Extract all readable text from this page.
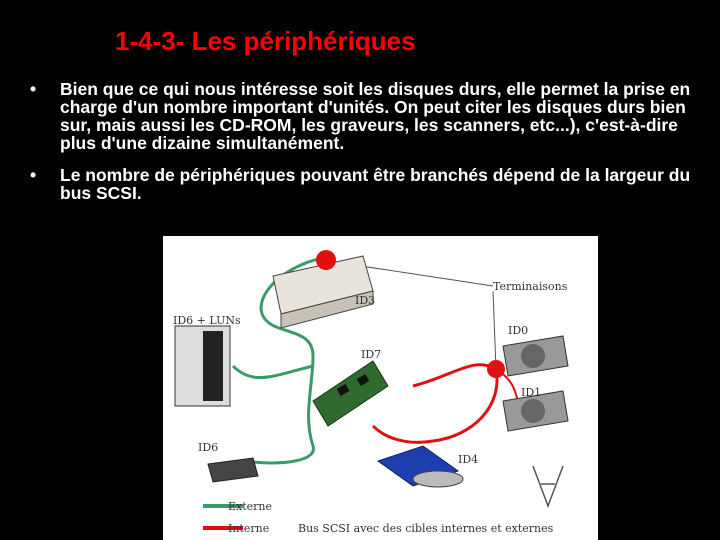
1-4-3- Les périphériques
• Bien que ce qui nous intéresse soit les disques durs, elle permet la prise en charge d'un nombre important d'unités. On peut citer les disques durs bien sur, mais aussi les CD-ROM, les graveurs, les scanners, etc...), c'est-à-dire plus d'une dizaine simultanément.
• Le nombre de périphériques pouvant être branchés dépend de la largeur du bus SCSI.
Terminaisons
ID3
ID6 + LUNs
ID7
ID0
ID1
ID6
ID4
Externe
Interne	Bus SCSI avec des cibles internes et externes
